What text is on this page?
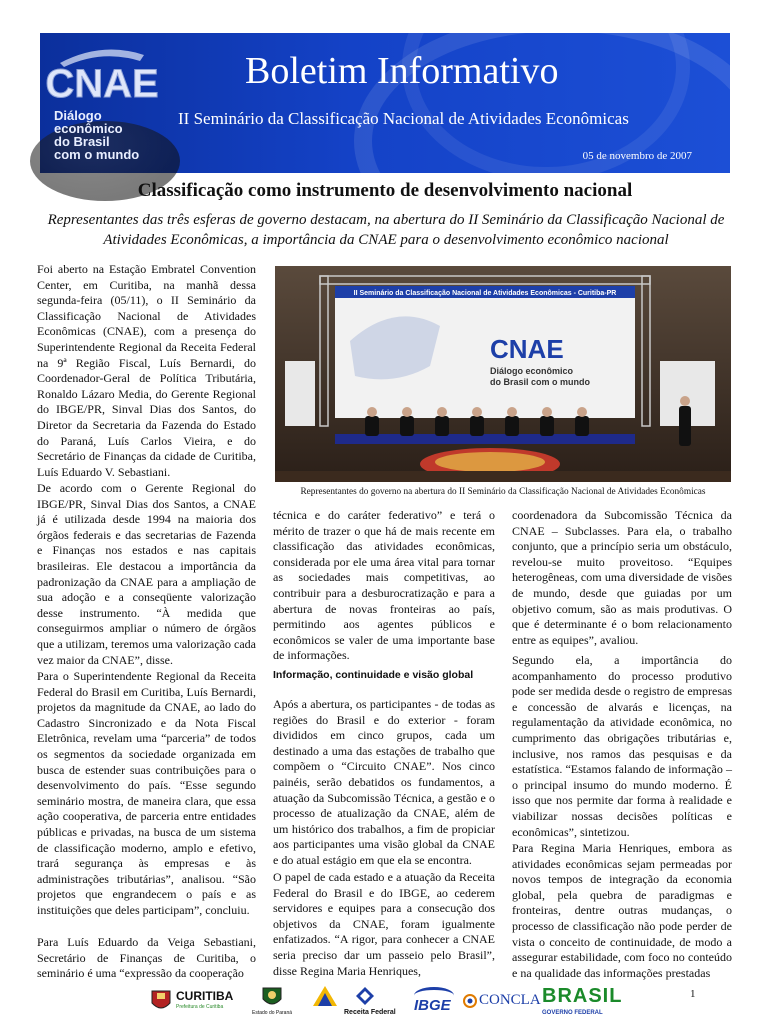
CNAE
Diálogo
econômico
do Brasil
com o mundo
Boletim Informativo
II Seminário da Classificação Nacional de Atividades Econômicas
05 de novembro de 2007
Classificação como instrumento de desenvolvimento nacional
Representantes das três esferas de governo destacam, na abertura do II Seminário da Classificação Nacional de Atividades Econômicas, a importância da CNAE para o desenvolvimento econômico nacional
Foi aberto na Estação Embratel Convention Center, em Curitiba, na manhã dessa segunda-feira (05/11), o II Seminário da Classificação Nacional de Atividades Econômicas (CNAE), com a presença do Superintendente Regional da Receita Federal na 9ª Região Fiscal, Luís Bernardi, do Coordenador-Geral de Política Tributária, Ronaldo Lázaro Media, do Gerente Regional do IBGE/PR, Sinval Dias dos Santos, do Diretor da Secretaria da Fazenda do Estado do Paraná, Luís Carlos Vieira, e do Secretário de Finanças da cidade de Curitiba, Luís Eduardo V. Sebastiani.
De acordo com o Gerente Regional do IBGE/PR, Sinval Dias dos Santos, a CNAE já é utilizada desde 1994 na maioria dos órgãos federais e das secretarias de Fazenda e Finanças nos estados e nas capitais brasileiras. Ele destacou a importância da padronização da CNAE para a ampliação de sua adoção e a conseqüente valorização desse instrumento. “À medida que conseguirmos ampliar o número de órgãos que a utilizam, teremos uma valorização cada vez maior da CNAE”, disse.
Para o Superintendente Regional da Receita Federal do Brasil em Curitiba, Luís Bernardi, projetos da magnitude da CNAE, ao lado do Cadastro Sincronizado e da Nota Fiscal Eletrônica, revelam uma “parceria” de todos os segmentos da sociedade organizada em busca de estender suas contribuições para o desenvolvimento do país. “Esse segundo seminário mostra, de maneira clara, que essa ação cooperativa, de parceria entre entidades públicas e privadas, na busca de um sistema de classificação moderno, amplo e efetivo, trará segurança às empresas e às administrações tributárias”, analisou. “São projetos que engrandecem o país e as instituições que deles participam”, concluiu.
Para Luís Eduardo da Veiga Sebastiani, Secretário de Finanças de Curitiba, o seminário é uma “expressão da cooperação
II Seminário da Classificação Nacional de Atividades Econômicas - Curitiba-PR
CNAE
Diálogo econômico
do Brasil com o mundo
Representantes do governo na abertura do II Seminário da Classificação Nacional de Atividades Econômicas
técnica e do caráter federativo” e terá o mérito de trazer o que há de mais recente em classificação das atividades econômicas, considerada por ele uma área vital para tornar as sociedades mais competitivas, ao contribuir para a desburocratização e para a abertura de novas fronteiras ao país, permitindo aos agentes públicos e econômicos se valer de uma importante base de informações.
Informação, continuidade e visão global
Após a abertura, os participantes - de todas as regiões do Brasil e do exterior - foram divididos em cinco grupos, cada um destinado a uma das estações de trabalho que compõem o “Circuito CNAE”. Nos cinco painéis, serão debatidos os fundamentos, a atuação da Subcomissão Técnica, a gestão e o processo de atualização da CNAE, além de um histórico dos trabalhos, a fim de propiciar aos participantes uma visão global da CNAE e do atual estágio em que ela se encontra.
O papel de cada estado e a atuação da Receita Federal do Brasil e do IBGE, ao cederem servidores e equipes para a consecução dos objetivos da CNAE, foram igualmente enfatizados. “A rigor, para conhecer a CNAE seria preciso dar um passeio pelo Brasil”, disse Regina Maria Henriques,
coordenadora da Subcomissão Técnica da CNAE – Subclasses. Para ela, o trabalho conjunto, que a princípio seria um obstáculo, revelou-se muito proveitoso. “Equipes heterogêneas, com uma diversidade de visões de mundo, desde que guiadas por um objetivo comum, são as mais produtivas. O que é determinante é o bom relacionamento entre as equipes”, avaliou.
Segundo ela, a importância do acompanhamento do processo produtivo pode ser medida desde o registro de empresas e concessão de alvarás e licenças, na regulamentação da atividade econômica, no cumprimento das obrigações tributárias e, inclusive, nos ramos das pesquisas e da estatística. “Estamos falando de informação – o principal insumo do mundo moderno. É isso que nos permite dar forma à realidade e viabilizar nossas decisões políticas e econômicas”, sintetizou.
Para Regina Maria Henriques, embora as atividades econômicas sejam permeadas por novos tempos de integração da economia global, pela quebra de paradigmas e fronteiras, dentre outras mudanças, o processo de classificação não pode perder de vista o conceito de continuidade, de modo a assegurar estabilidade, com foco no conteúdo e na qualidade das informações prestadas
CURITIBA
Prefeitura de Curitiba
Estado do Paraná	Receita Federal IBGE CONCLA BRASIL
GOVERNO FEDERAL
1
